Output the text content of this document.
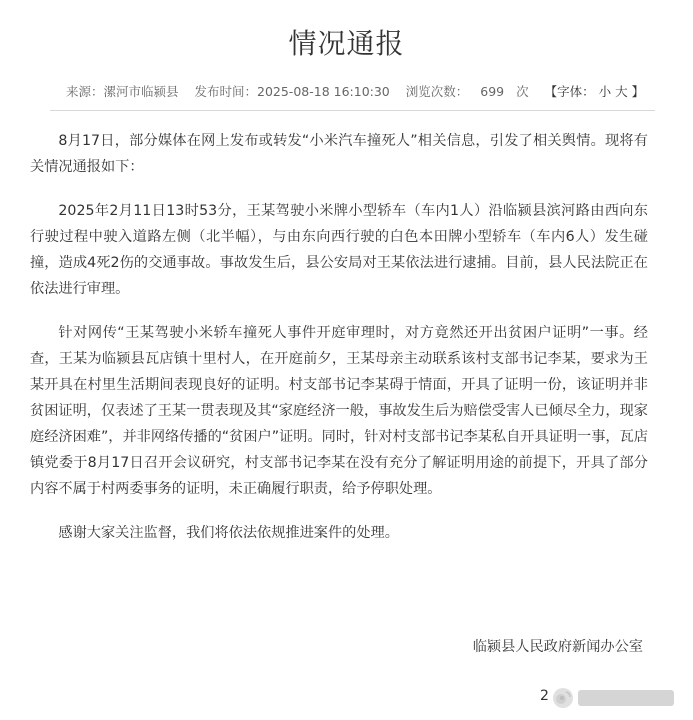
情况通报
来源：漯河市临颍县 发布时间：2025-08-18 16:10:30 浏览次数： 699 次 【字体： 小 大 】

8月17日，部分媒体在网上发布或转发“小米汽车撞死人”相关信息，引发了相关舆情。现将有关情况通报如下：

2025年2月11日13时53分，王某驾驶小米牌小型轿车（车内1人）沿临颍县滨河路由西向东行驶过程中驶入道路左侧（北半幅），与由东向西行驶的白色本田牌小型轿车（车内6人）发生碰撞，造成4死2伤的交通事故。事故发生后，县公安局对王某依法进行逮捕。目前，县人民法院正在依法进行审理。

针对网传“王某驾驶小米轿车撞死人事件开庭审理时，对方竟然还开出贫困户证明”一事。经查，王某为临颍县瓦店镇十里村人，在开庭前夕，王某母亲主动联系该村支部书记李某，要求为王某开具在村里生活期间表现良好的证明。村支部书记李某碍于情面，开具了证明一份，该证明并非贫困证明，仅表述了王某一贯表现及其“家庭经济一般，事故发生后为赔偿受害人已倾尽全力，现家庭经济困难”，并非网络传播的“贫困户”证明。同时，针对村支部书记李某私自开具证明一事，瓦店镇党委于8月17日召开会议研究，村支部书记李某在没有充分了解证明用途的前提下，开具了部分内容不属于村两委事务的证明，未正确履行职责，给予停职处理。

感谢大家关注监督，我们将依法依规推进案件的处理。

临颍县人民政府新闻办公室
2
